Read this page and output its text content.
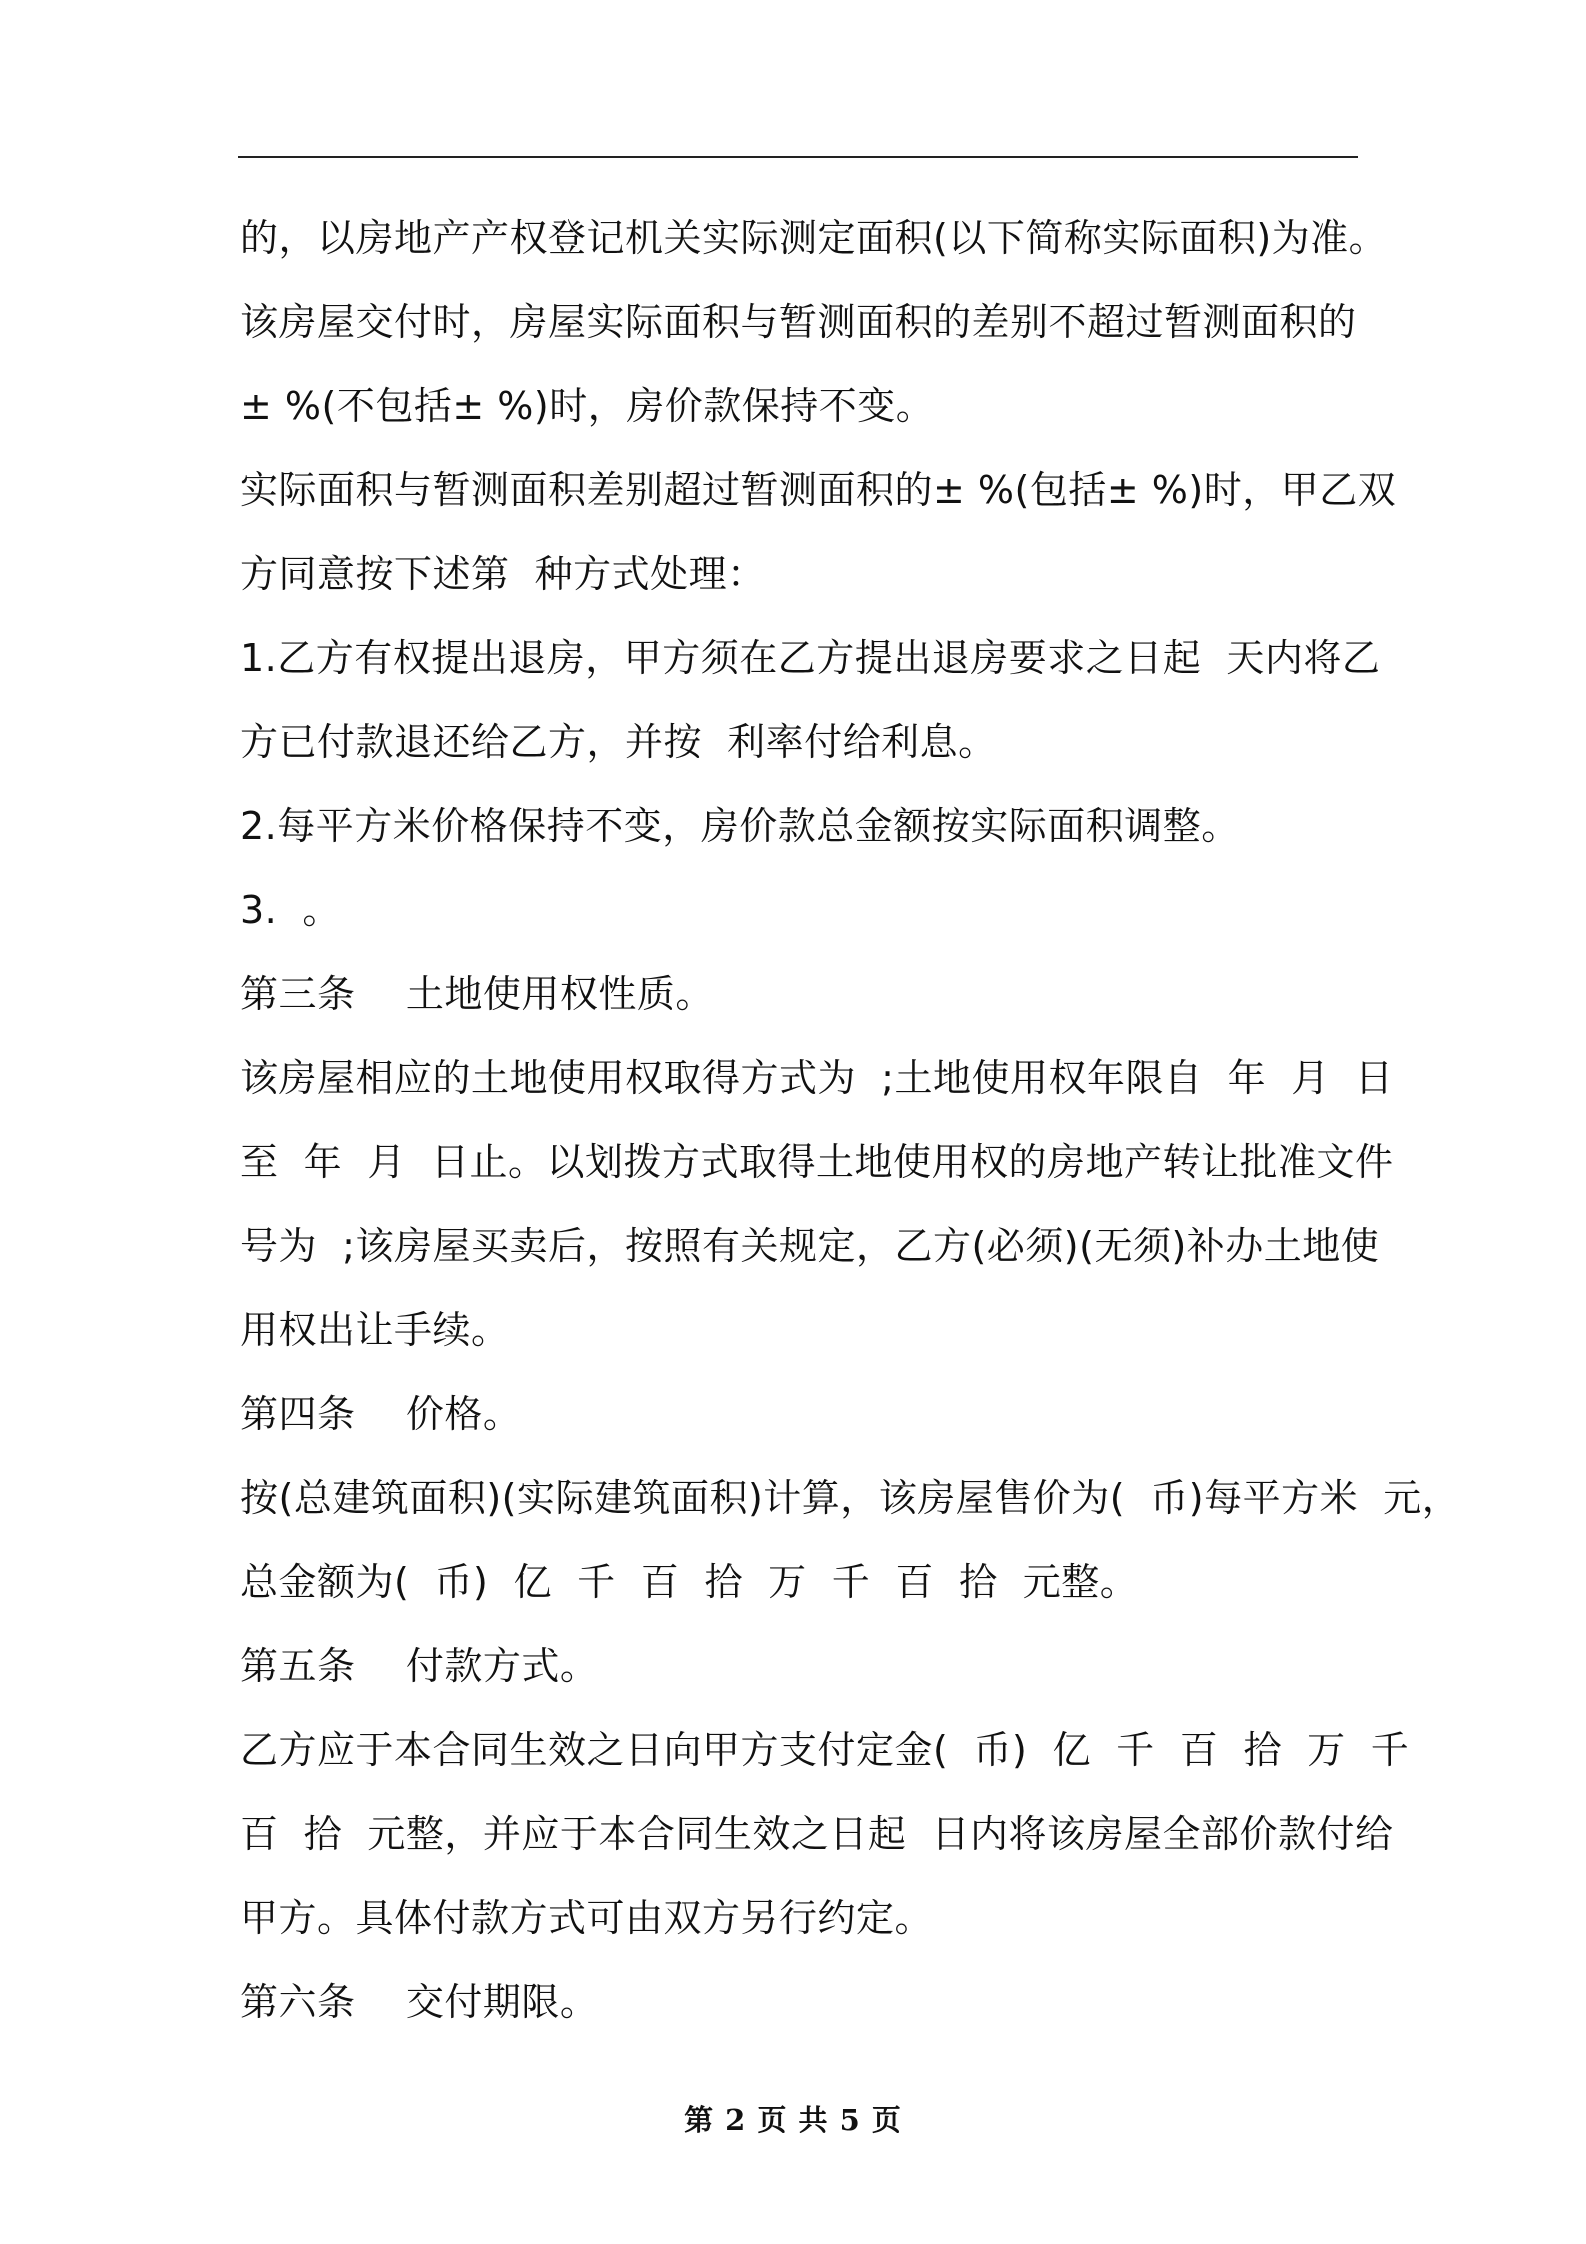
的，以房地产产权登记机关实际测定面积(以下简称实际面积)为准。
该房屋交付时，房屋实际面积与暂测面积的差别不超过暂测面积的
± %(不包括± %)时，房价款保持不变。
实际面积与暂测面积差别超过暂测面积的± %(包括± %)时，甲乙双
方同意按下述第  种方式处理：
1.乙方有权提出退房，甲方须在乙方提出退房要求之日起  天内将乙
方已付款退还给乙方，并按  利率付给利息。
2.每平方米价格保持不变，房价款总金额按实际面积调整。
3.  。
第三条    土地使用权性质。
该房屋相应的土地使用权取得方式为  ;土地使用权年限自  年  月  日
至  年  月  日止。以划拨方式取得土地使用权的房地产转让批准文件
号为  ;该房屋买卖后，按照有关规定，乙方(必须)(无须)补办土地使
用权出让手续。
第四条    价格。
按(总建筑面积)(实际建筑面积)计算，该房屋售价为(  币)每平方米  元，
总金额为(  币)  亿  千  百  拾  万  千  百  拾  元整。
第五条    付款方式。
乙方应于本合同生效之日向甲方支付定金(  币)  亿  千  百  拾  万  千
百  拾  元整，并应于本合同生效之日起  日内将该房屋全部价款付给
甲方。具体付款方式可由双方另行约定。
第六条    交付期限。
第 2 页 共 5 页
